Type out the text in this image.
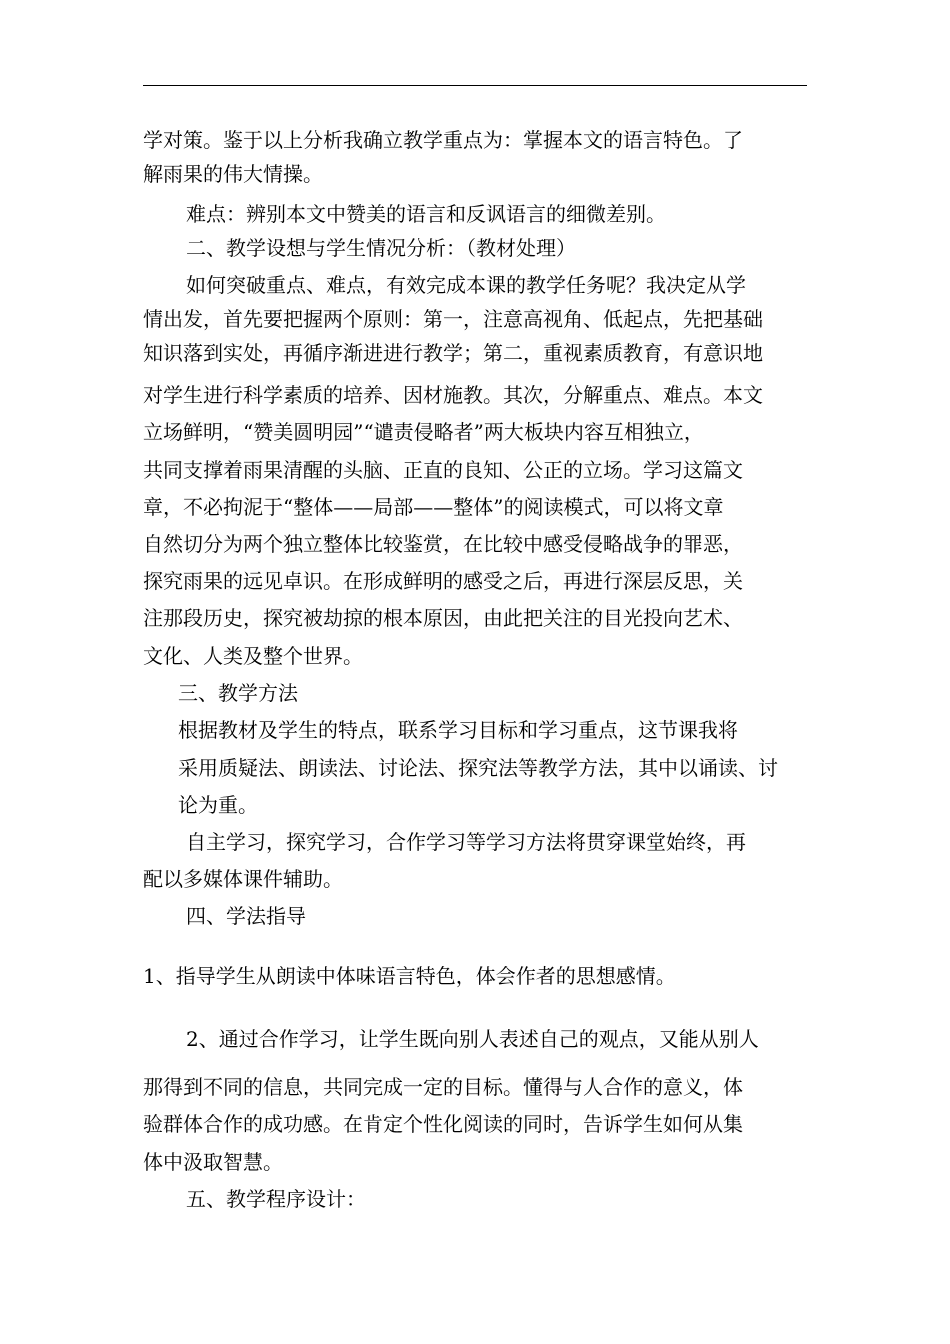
学对策。鉴于以上分析我确立教学重点为：掌握本文的语言特色。了
解雨果的伟大情操。
难点：辨别本文中赞美的语言和反讽语言的细微差别。
二、教学设想与学生情况分析：（教材处理）
如何突破重点、难点，有效完成本课的教学任务呢？我决定从学
情出发，首先要把握两个原则：第一，注意高视角、低起点，先把基础
知识落到实处，再循序渐进进行教学；第二，重视素质教育，有意识地
对学生进行科学素质的培养、因材施教。其次，分解重点、难点。本文
立场鲜明，“赞美圆明园”“谴责侵略者”两大板块内容互相独立，
共同支撑着雨果清醒的头脑、正直的良知、公正的立场。学习这篇文
章，不必拘泥于“整体——局部——整体”的阅读模式，可以将文章
自然切分为两个独立整体比较鉴赏，在比较中感受侵略战争的罪恶，
探究雨果的远见卓识。在形成鲜明的感受之后，再进行深层反思，关
注那段历史，探究被劫掠的根本原因，由此把关注的目光投向艺术、
文化、人类及整个世界。
三、教学方法
根据教材及学生的特点，联系学习目标和学习重点，这节课我将
采用质疑法、朗读法、讨论法、探究法等教学方法，其中以诵读、讨
论为重。
自主学习，探究学习，合作学习等学习方法将贯穿课堂始终，再
配以多媒体课件辅助。
四、学法指导
1、指导学生从朗读中体味语言特色，体会作者的思想感情。
2、通过合作学习，让学生既向别人表述自己的观点，又能从别人
那得到不同的信息，共同完成一定的目标。懂得与人合作的意义，体
验群体合作的成功感。在肯定个性化阅读的同时，告诉学生如何从集
体中汲取智慧。
五、教学程序设计：
